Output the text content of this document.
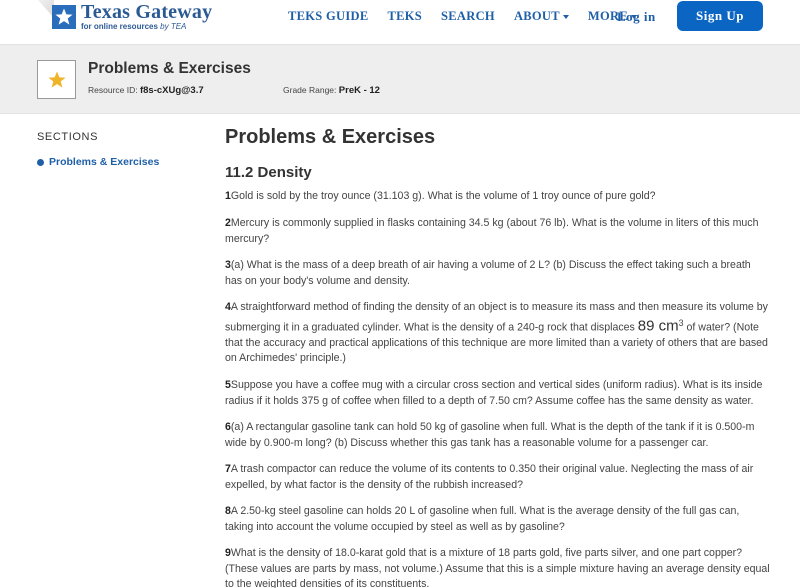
Texas Gateway
for online resources by TEA
TEKS GUIDE TEKS SEARCH ABOUT MORE
Log in	Sign Up
Problems & Exercises
Resource ID: f8s-cXUg@3.7	Grade Range: PreK - 12
SECTIONS
Problems & Exercises
Problems & Exercises
11.2 Density
1Gold is sold by the troy ounce (31.103 g). What is the volume of 1 troy ounce of pure gold?
2Mercury is commonly supplied in flasks containing 34.5 kg (about 76 lb). What is the volume in liters of this much mercury?
3(a) What is the mass of a deep breath of air having a volume of 2 L? (b) Discuss the effect taking such a breath has on your body's volume and density.
4A straightforward method of finding the density of an object is to measure its mass and then measure its volume by submerging it in a graduated cylinder. What is the density of a 240-g rock that displaces 89 $cm^3$ of water? (Note that the accuracy and practical applications of this technique are more limited than a variety of others that are based on Archimedes' principle.)
5Suppose you have a coffee mug with a circular cross section and vertical sides (uniform radius). What is its inside radius if it holds 375 g of coffee when filled to a depth of 7.50 cm? Assume coffee has the same density as water.
6(a) A rectangular gasoline tank can hold 50 kg of gasoline when full. What is the depth of the tank if it is 0.500-m wide by 0.900-m long? (b) Discuss whether this gas tank has a reasonable volume for a passenger car.
7A trash compactor can reduce the volume of its contents to 0.350 their original value. Neglecting the mass of air expelled, by what factor is the density of the rubbish increased?
8A 2.50-kg steel gasoline can holds 20 L of gasoline when full. What is the average density of the full gas can, taking into account the volume occupied by steel as well as by gasoline?
9What is the density of 18.0-karat gold that is a mixture of 18 parts gold, five parts silver, and one part copper? (These values are parts by mass, not volume.) Assume that this is a simple mixture having an average density equal to the weighted densities of its constituents.
